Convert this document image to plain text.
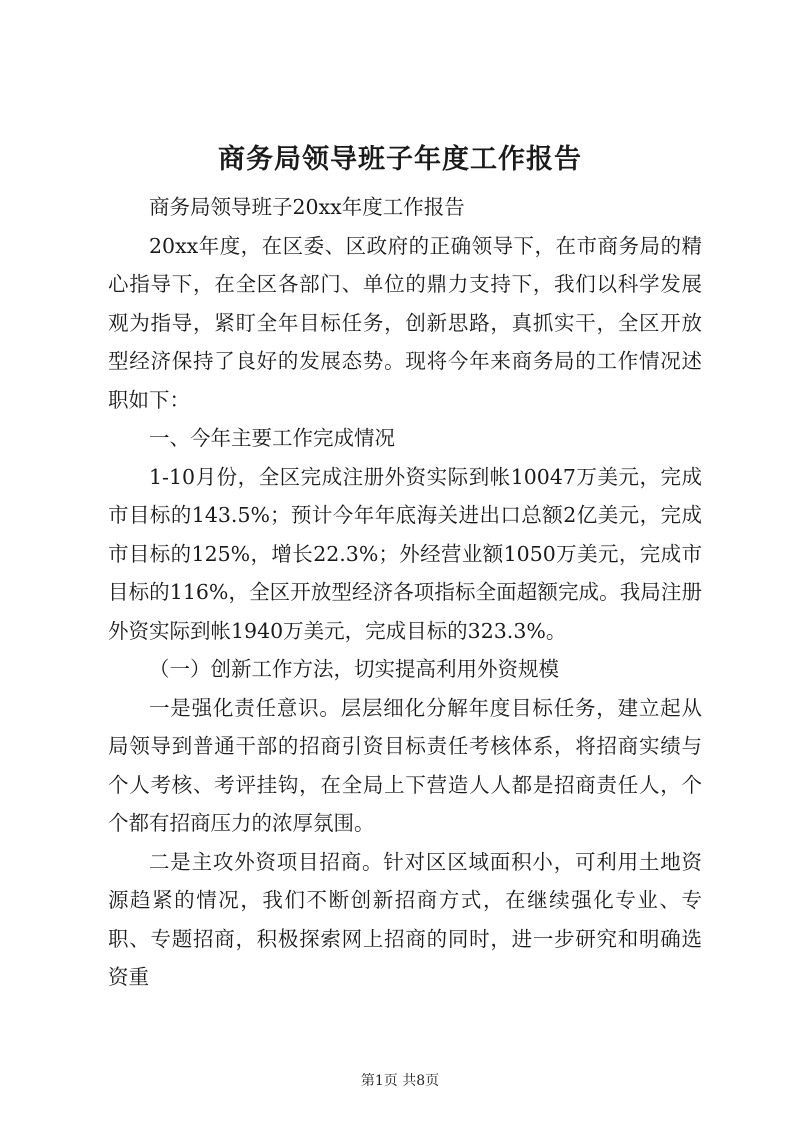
商务局领导班子年度工作报告

商务局领导班子20xx年度工作报告

20xx年度，在区委、区政府的正确领导下，在市商务局的精心指导下，在全区各部门、单位的鼎力支持下，我们以科学发展观为指导，紧盯全年目标任务，创新思路，真抓实干，全区开放型经济保持了良好的发展态势。现将今年来商务局的工作情况述职如下：

一、今年主要工作完成情况

1-10月份，全区完成注册外资实际到帐10047万美元，完成市目标的143.5%；预计今年年底海关进出口总额2亿美元，完成市目标的125%，增长22.3%；外经营业额1050万美元，完成市目标的116%，全区开放型经济各项指标全面超额完成。我局注册外资实际到帐1940万美元，完成目标的323.3%。

（一）创新工作方法，切实提高利用外资规模

一是强化责任意识。层层细化分解年度目标任务，建立起从局领导到普通干部的招商引资目标责任考核体系，将招商实绩与个人考核、考评挂钩，在全局上下营造人人都是招商责任人，个个都有招商压力的浓厚氛围。

二是主攻外资项目招商。针对区区域面积小，可利用土地资源趋紧的情况，我们不断创新招商方式，在继续强化专业、专职、专题招商，积极探索网上招商的同时，进一步研究和明确选资重

第1页 共8页
